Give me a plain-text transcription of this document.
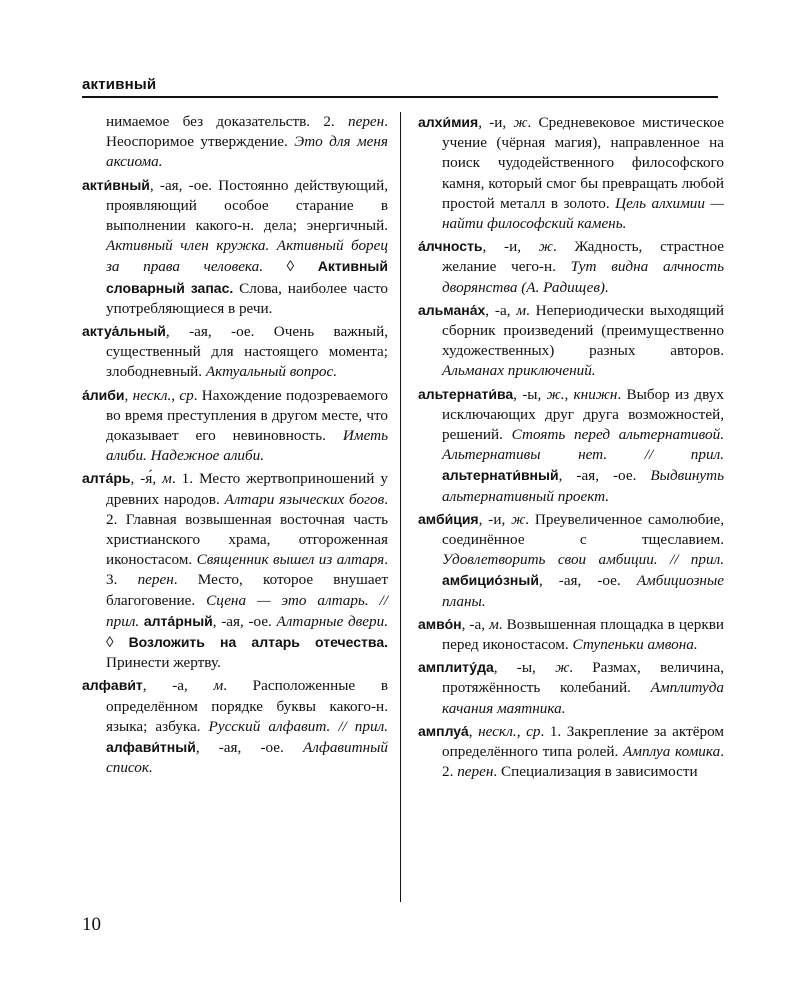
активный

нимаемое без доказательств. 2. перен. Неоспоримое утверждение. Это для меня аксиома.

акти́вный, -ая, -ое. Постоянно действующий, проявляющий особое старание в выполнении какого-н. дела; энергичный. Активный член кружка. Активный борец за права человека. ◊ Активный словарный запас. Слова, наиболее часто употребляющиеся в речи.

актуа́льный, -ая, -ое. Очень важный, существенный для настоящего момента; злободневный. Актуальный вопрос.

а́либи, нескл., ср. Нахождение подозреваемого во время преступления в другом месте, что доказывает его невиновность. Иметь алиби. Надежное алиби.

алта́рь, -я́, м. 1. Место жертвоприношений у древних народов. Алтари языческих богов. 2. Главная возвышенная восточная часть христианского храма, отгороженная иконостасом. Священник вышел из алтаря. 3. перен. Место, которое внушает благоговение. Сцена — это алтарь. // прил. алта́рный, -ая, -ое. Алтарные двери. ◊ Возложить на алтарь отечества. Принести жертву.

алфави́т, -а, м. Расположенные в определённом порядке буквы какого-н. языка; азбука. Русский алфавит. // прил. алфави́тный, -ая, -ое. Алфавитный список.

алхи́мия, -и, ж. Средневековое мистическое учение (чёрная магия), направленное на поиск чудодейственного философского камня, который смог бы превращать любой простой металл в золото. Цель алхимии — найти философский камень.

а́лчность, -и, ж. Жадность, страстное желание чего-н. Тут видна алчность дворянства (А. Радищев).

альмана́х, -а, м. Непериодически выходящий сборник произведений (преимущественно художественных) разных авторов. Альманах приключений.

альтернати́ва, -ы, ж., книжн. Выбор из двух исключающих друг друга возможностей, решений. Стоять перед альтернативой. Альтернативы нет. // прил. альтернати́вный, -ая, -ое. Выдвинуть альтернативный проект.

амби́ция, -и, ж. Преувеличенное самолюбие, соединённое с тщеславием. Удовлетворить свои амбиции. // прил. амбицио́зный, -ая, -ое. Амбициозные планы.

амво́н, -а, м. Возвышенная площадка в церкви перед иконостасом. Ступеньки амвона.

амплиту́да, -ы, ж. Размах, величина, протяжённость колебаний. Амплитуда качания маятника.

амплуа́, нескл., ср. 1. Закрепление за актёром определённого типа ролей. Амплуа комика. 2. перен. Специализация в зависимости

10
